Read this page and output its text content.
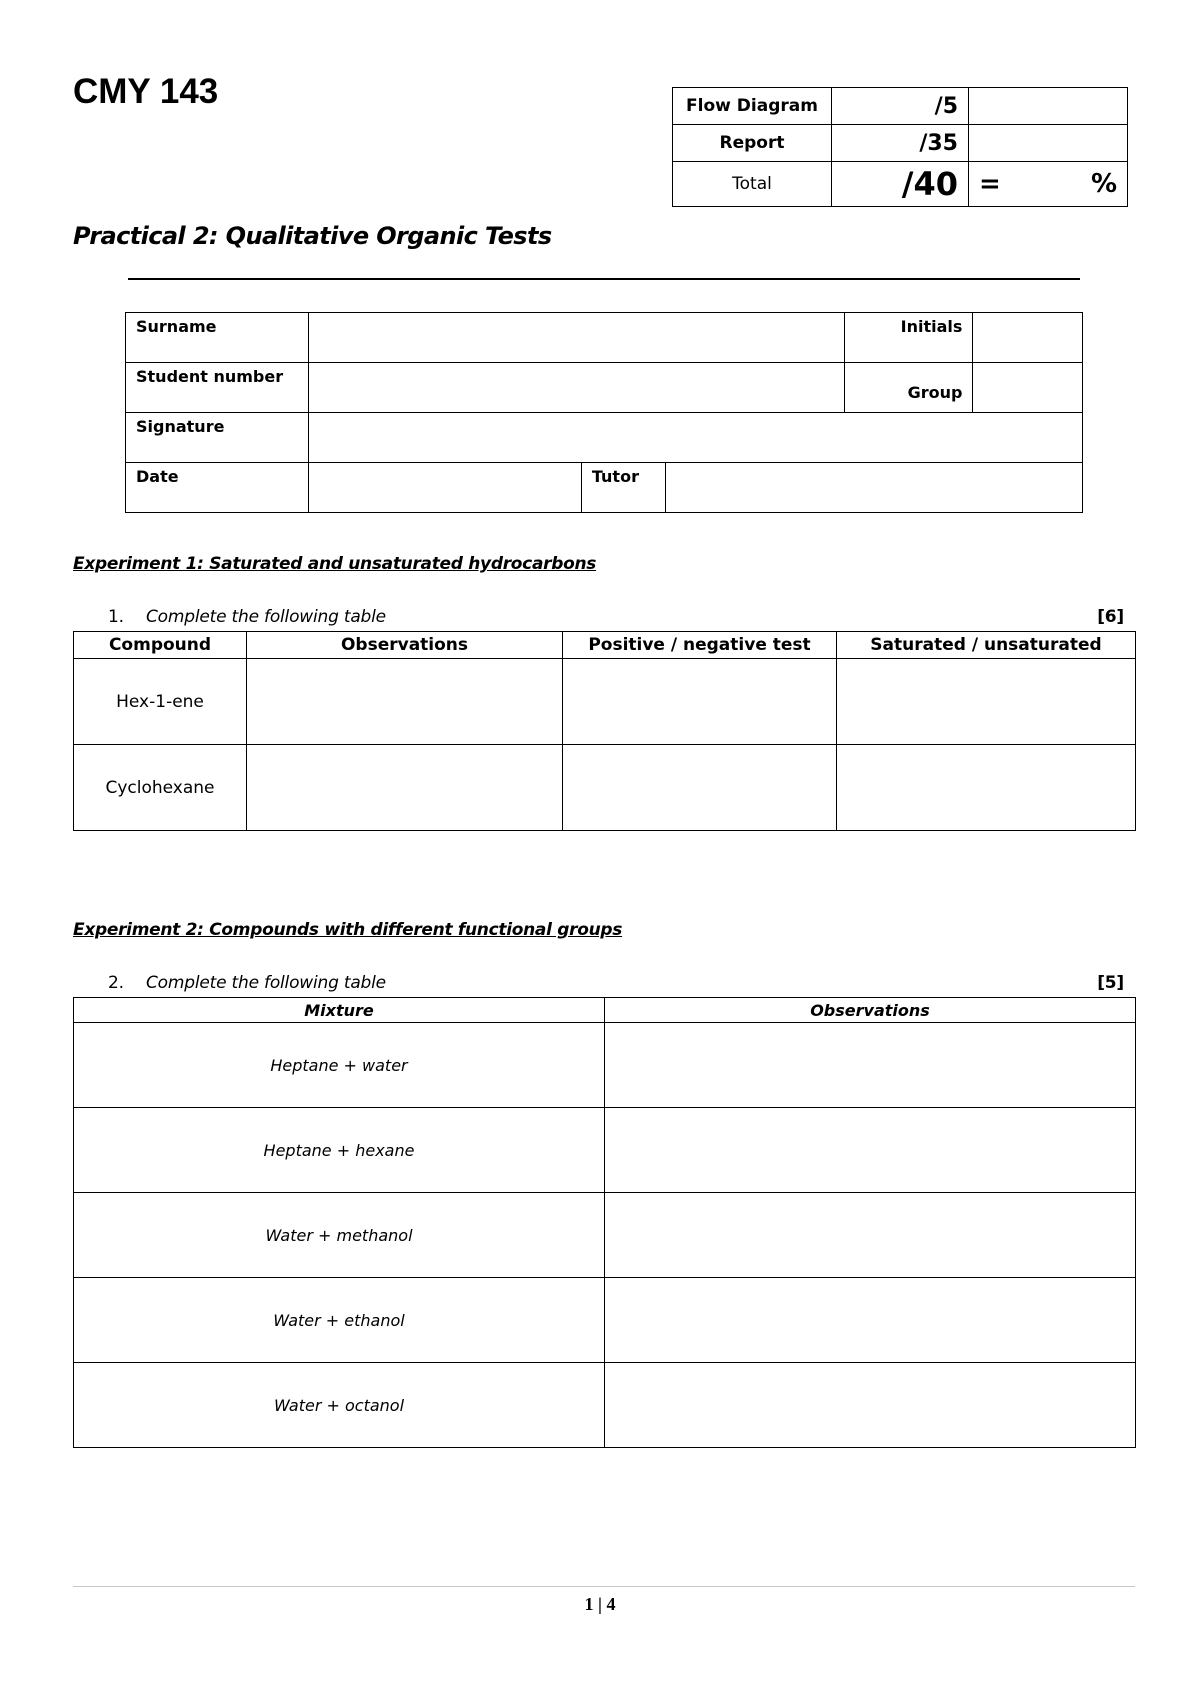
CMY 143	Flow Diagram	/5	
Report	/35	
Total	/40	= %
Practical 2: Qualitative Organic Tests
Surname				Initials	
Student number				Group	
Signature					
Date		Tutor			
Experiment 1: Saturated and unsaturated hydrocarbons
1. Complete the following table	[6]
Compound	Observations	Positive / negative test	Saturated / unsaturated
Hex-1-ene			
Cyclohexane			
Experiment 2: Compounds with different functional groups
2. Complete the following table	[5]
Mixture	Observations
Heptane + water	
Heptane + hexane	
Water + methanol	
Water + ethanol	
Water + octanol	
1 | 4
